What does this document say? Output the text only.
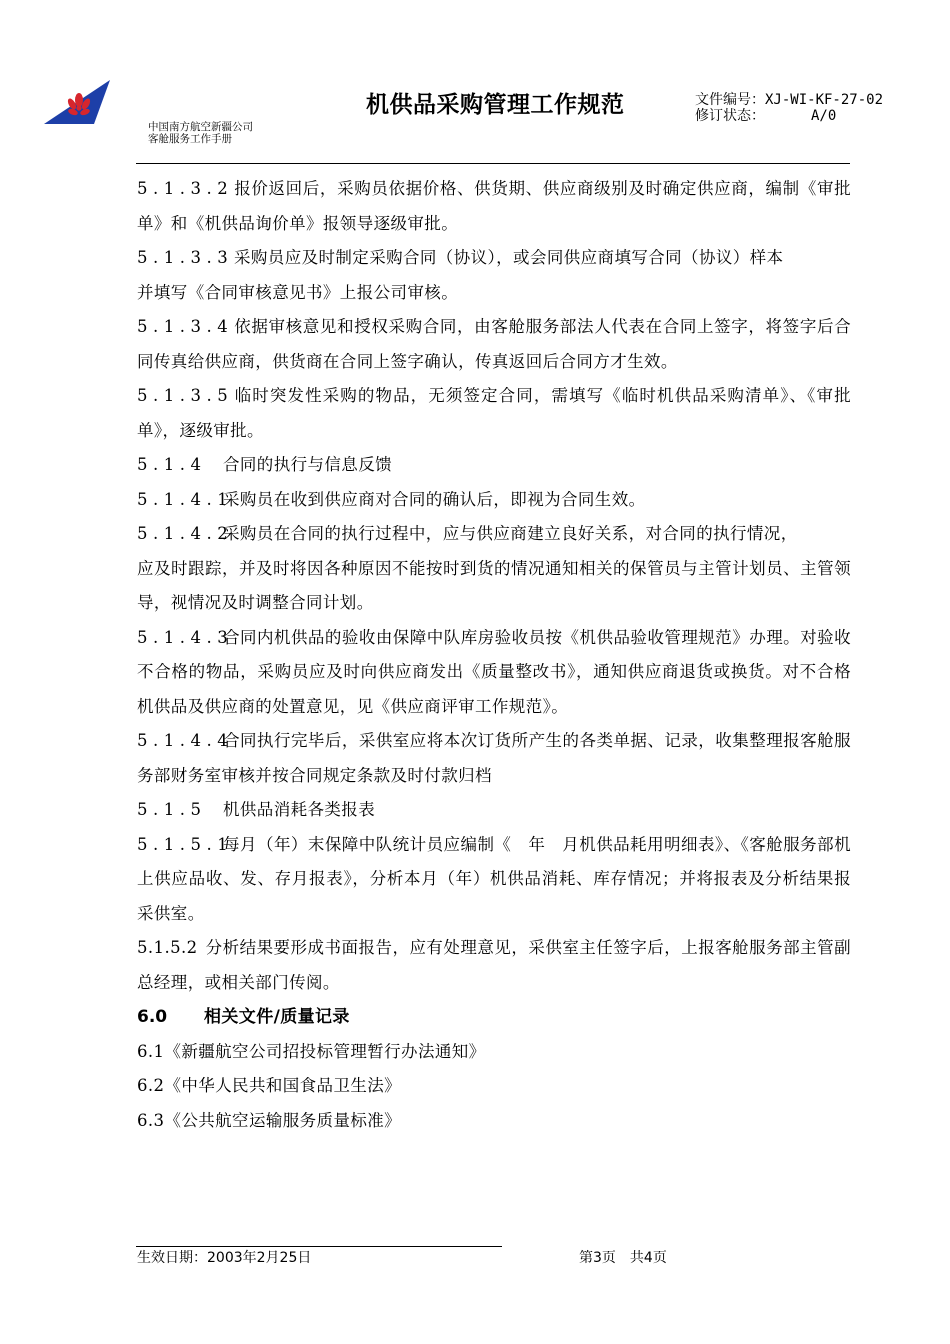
中国南方航空新疆公司
客舱服务工作手册
机供品采购管理工作规范	文件编号：XJ-WI-KF-27-02
修订状态：	A/0

5.1.3.2报价返回后，采购员依据价格、供货期、供应商级别及时确定供应商，编制《审批单》和《机供品询价单》报领导逐级审批。

5.1.3.3采购员应及时制定采购合同（协议），或会同供应商填写合同（协议）样本

并填写《合同审核意见书》上报公司审核。

5.1.3.4依据审核意见和授权采购合同，由客舱服务部法人代表在合同上签字，将签字后合同传真给供应商，供货商在合同上签字确认，传真返回后合同方才生效。

5.1.3.5临时突发性采购的物品，无须签定合同，需填写《临时机供品采购清单》、《审批单》，逐级审批。

5.1.4 合同的执行与信息反馈

5.1.4.1采购员在收到供应商对合同的确认后，即视为合同生效。

5.1.4.2采购员在合同的执行过程中，应与供应商建立良好关系，对合同的执行情况，

应及时跟踪，并及时将因各种原因不能按时到货的情况通知相关的保管员与主管计划员、主管领导，视情况及时调整合同计划。

5.1.4.3合同内机供品的验收由保障中队库房验收员按《机供品验收管理规范》办理。对验收不合格的物品，采购员应及时向供应商发出《质量整改书》，通知供应商退货或换货。对不合格机供品及供应商的处置意见，见《供应商评审工作规范》。

5.1.4.4合同执行完毕后，采供室应将本次订货所产生的各类单据、记录，收集整理报客舱服务部财务室审核并按合同规定条款及时付款归档

5.1.5 机供品消耗各类报表

5.1.5.1每月（年）末保障中队统计员应编制《　年　月机供品耗用明细表》、《客舱服务部机上供应品收、发、存月报表》，分析本月（年）机供品消耗、库存情况；并将报表及分析结果报采供室。

5.1.5.2 分析结果要形成书面报告，应有处理意见，采供室主任签字后，上报客舱服务部主管副总经理，或相关部门传阅。

6.0 相关文件/质量记录

6.1《新疆航空公司招投标管理暂行办法通知》

6.2《中华人民共和国食品卫生法》

6.3《公共航空运输服务质量标准》

生效日期：2003年2月25日	第3页　共4页
